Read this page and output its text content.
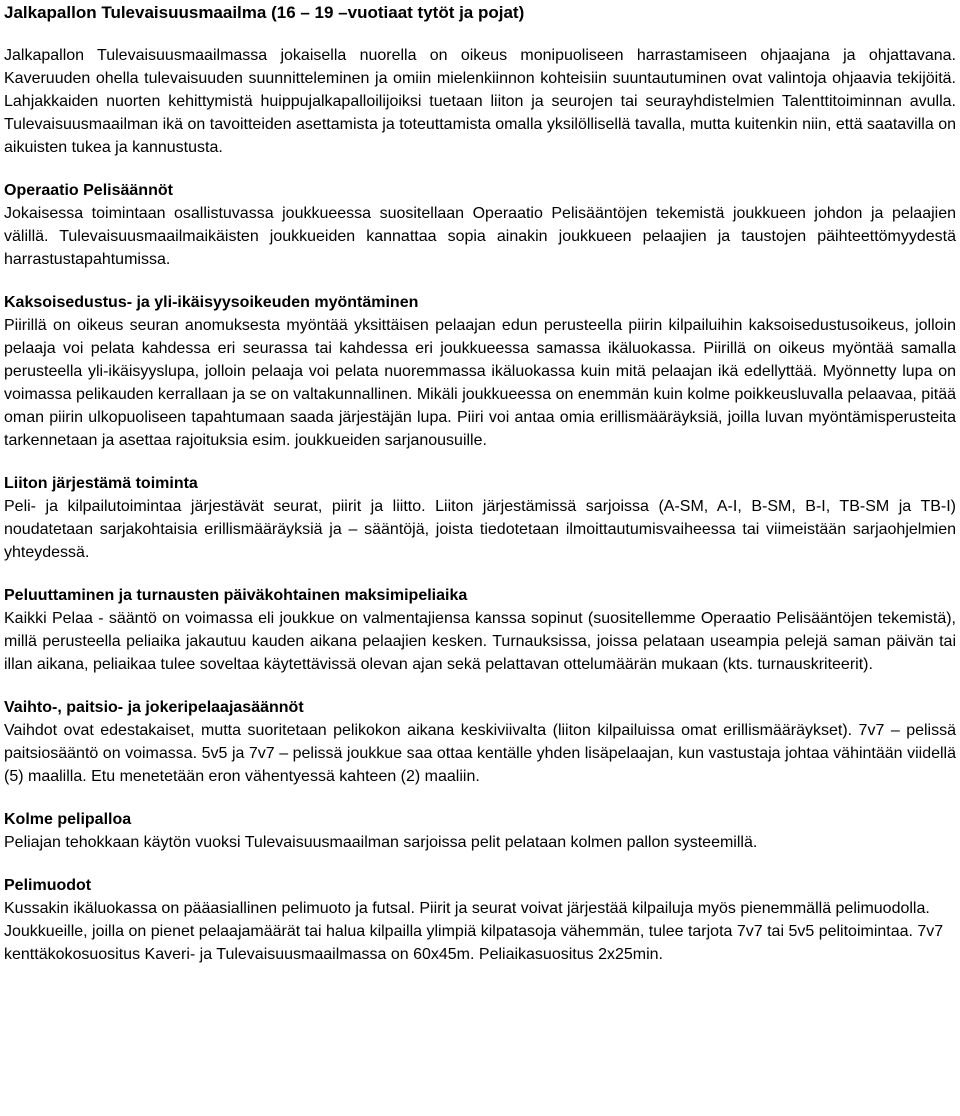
Jalkapallon Tulevaisuusmaailma (16 – 19 –vuotiaat tytöt ja pojat)

Jalkapallon Tulevaisuusmaailmassa jokaisella nuorella on oikeus monipuoliseen harrastamiseen ohjaajana ja ohjattavana. Kaveruuden ohella tulevaisuuden suunnitteleminen ja omiin mielenkiinnon kohteisiin suuntautuminen ovat valintoja ohjaavia tekijöitä. Lahjakkaiden nuorten kehittymistä huippujalkapalloilijoiksi tuetaan liiton ja seurojen tai seurayhdistelmien Talenttitoiminnan avulla. Tulevaisuusmaailman ikä on tavoitteiden asettamista ja toteuttamista omalla yksilöllisellä tavalla, mutta kuitenkin niin, että saatavilla on aikuisten tukea ja kannustusta.

Operaatio Pelisäännöt

Jokaisessa toimintaan osallistuvassa joukkueessa suositellaan Operaatio Pelisääntöjen tekemistä joukkueen johdon ja pelaajien välillä. Tulevaisuusmaailmaikäisten joukkueiden kannattaa sopia ainakin joukkueen pelaajien ja taustojen päihteettömyydestä harrastustapahtumissa.

Kaksoisedustus- ja yli-ikäisyysoikeuden myöntäminen

Piirillä on oikeus seuran anomuksesta myöntää yksittäisen pelaajan edun perusteella piirin kilpailuihin kaksoisedustusoikeus, jolloin pelaaja voi pelata kahdessa eri seurassa tai kahdessa eri joukkueessa samassa ikäluokassa. Piirillä on oikeus myöntää samalla perusteella yli-ikäisyyslupa, jolloin pelaaja voi pelata nuoremmassa ikäluokassa kuin mitä pelaajan ikä edellyttää. Myönnetty lupa on voimassa pelikauden kerrallaan ja se on valtakunnallinen. Mikäli joukkueessa on enemmän kuin kolme poikkeusluvalla pelaavaa, pitää oman piirin ulkopuoliseen tapahtumaan saada järjestäjän lupa. Piiri voi antaa omia erillismääräyksiä, joilla luvan myöntämisperusteita tarkennetaan ja asettaa rajoituksia esim. joukkueiden sarjanousuille.

Liiton järjestämä toiminta

Peli- ja kilpailutoimintaa järjestävät seurat, piirit ja liitto. Liiton järjestämissä sarjoissa (A-SM, A-I, B-SM, B-I, TB-SM ja TB-I) noudatetaan sarjakohtaisia erillismääräyksiä ja – sääntöjä, joista tiedotetaan ilmoittautumisvaiheessa tai viimeistään sarjaohjelmien yhteydessä.

Peluuttaminen ja turnausten päiväkohtainen maksimipeliaika

Kaikki Pelaa - sääntö on voimassa eli joukkue on valmentajiensa kanssa sopinut (suositellemme Operaatio Pelisääntöjen tekemistä), millä perusteella peliaika jakautuu kauden aikana pelaajien kesken. Turnauksissa, joissa pelataan useampia pelejä saman päivän tai illan aikana, peliaikaa tulee soveltaa käytettävissä olevan ajan sekä pelattavan ottelumäärän mukaan (kts. turnauskriteerit).

Vaihto-, paitsio- ja jokeripelaajasäännöt

Vaihdot ovat edestakaiset, mutta suoritetaan pelikokon aikana keskiviivalta (liiton kilpailuissa omat erillismääräykset). 7v7 – pelissä paitsiosääntö on voimassa. 5v5 ja 7v7 – pelissä joukkue saa ottaa kentälle yhden lisäpelaajan, kun vastustaja johtaa vähintään viidellä (5) maalilla. Etu menetetään eron vähentyessä kahteen (2) maaliin.

Kolme pelipalloa

Peliajan tehokkaan käytön vuoksi Tulevaisuusmaailman sarjoissa pelit pelataan kolmen pallon systeemillä.

Pelimuodot

Kussakin ikäluokassa on pääasiallinen pelimuoto ja futsal. Piirit ja seurat voivat järjestää kilpailuja myös pienemmällä pelimuodolla.

Joukkueille, joilla on pienet pelaajamäärät tai halua kilpailla ylimpiä kilpatasoja vähemmän, tulee tarjota 7v7 tai 5v5 pelitoimintaa. 7v7 kenttäkokosuositus Kaveri- ja Tulevaisuusmaailmassa on 60x45m. Peliaikasuositus 2x25min.
